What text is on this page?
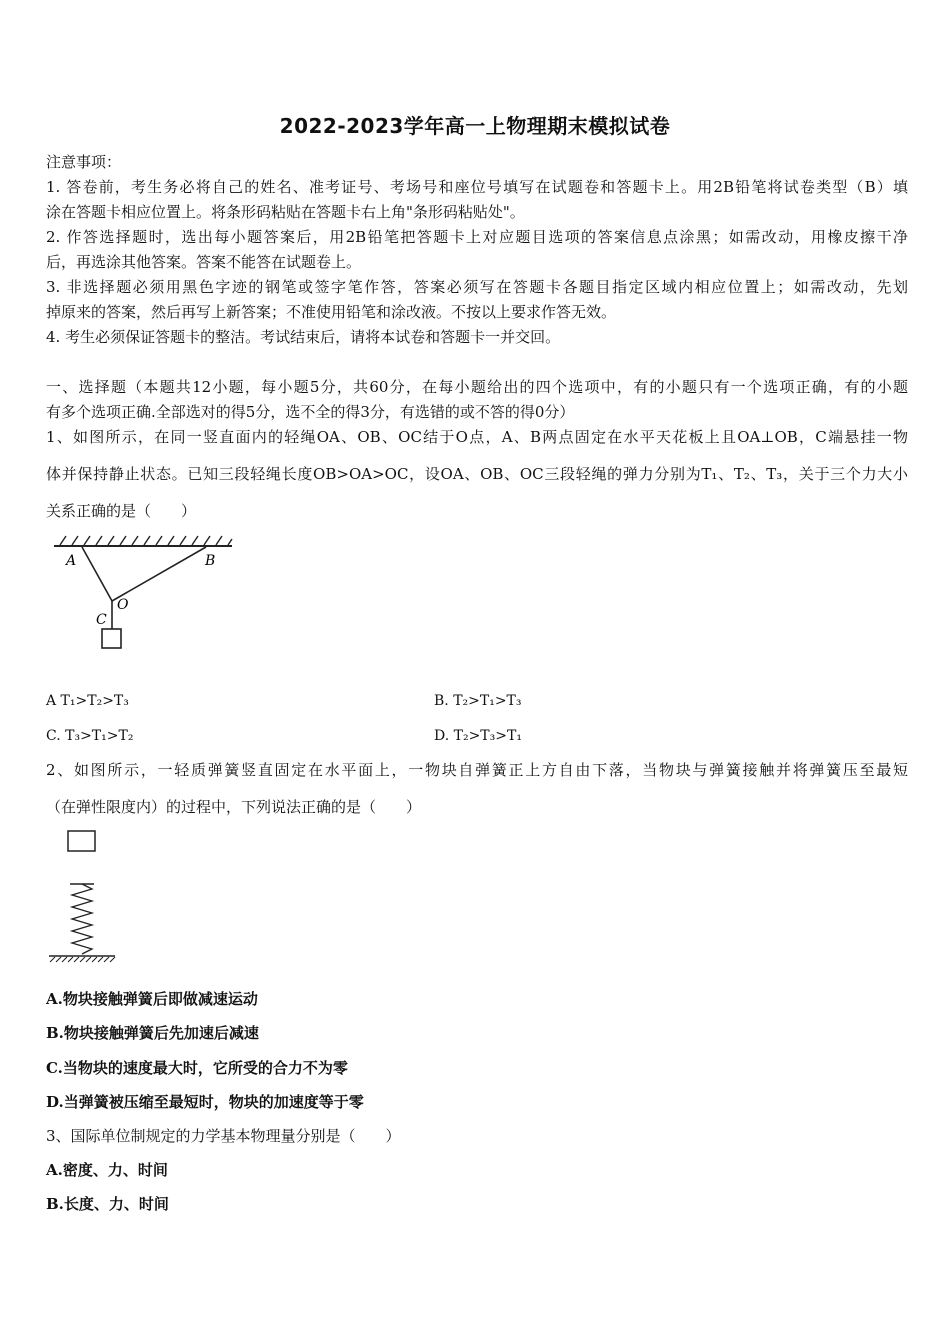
2022-2023学年高一上物理期末模拟试卷
注意事项：
1. 答卷前，考生务必将自己的姓名、准考证号、考场号和座位号填写在试题卷和答题卡上。用2B铅笔将试卷类型（B）填
涂在答题卡相应位置上。将条形码粘贴在答题卡右上角"条形码粘贴处"。
2. 作答选择题时，选出每小题答案后，用2B铅笔把答题卡上对应题目选项的答案信息点涂黑；如需改动，用橡皮擦干净
后，再选涂其他答案。答案不能答在试题卷上。
3. 非选择题必须用黑色字迹的钢笔或签字笔作答，答案必须写在答题卡各题目指定区域内相应位置上；如需改动，先划
掉原来的答案，然后再写上新答案；不准使用铅笔和涂改液。不按以上要求作答无效。
4. 考生必须保证答题卡的整洁。考试结束后，请将本试卷和答题卡一并交回。
一、选择题（本题共12小题，每小题5分，共60分，在每小题给出的四个选项中，有的小题只有一个选项正确，有的小题
有多个选项正确.全部选对的得5分，选不全的得3分，有选错的或不答的得0分）
1、如图所示，在同一竖直面内的轻绳OA、OB、OC结于O点，A、B两点固定在水平天花板上且OA⊥OB，C端悬挂一物
体并保持静止状态。已知三段轻绳长度OB>OA>OC，设OA、OB、OC三段轻绳的弹力分别为T₁、T₂、T₃，关于三个力大小
关系正确的是（　　）
A	B
O
C
A T₁>T₂>T₃	B. T₂>T₁>T₃
C. T₃>T₁>T₂	D. T₂>T₃>T₁
2、如图所示，一轻质弹簧竖直固定在水平面上，一物块自弹簧正上方自由下落，当物块与弹簧接触并将弹簧压至最短
（在弹性限度内）的过程中，下列说法正确的是（　　）
A.物块接触弹簧后即做减速运动
B.物块接触弹簧后先加速后减速
C.当物块的速度最大时，它所受的合力不为零
D.当弹簧被压缩至最短时，物块的加速度等于零
3、国际单位制规定的力学基本物理量分别是（　　）
A.密度、力、时间
B.长度、力、时间
